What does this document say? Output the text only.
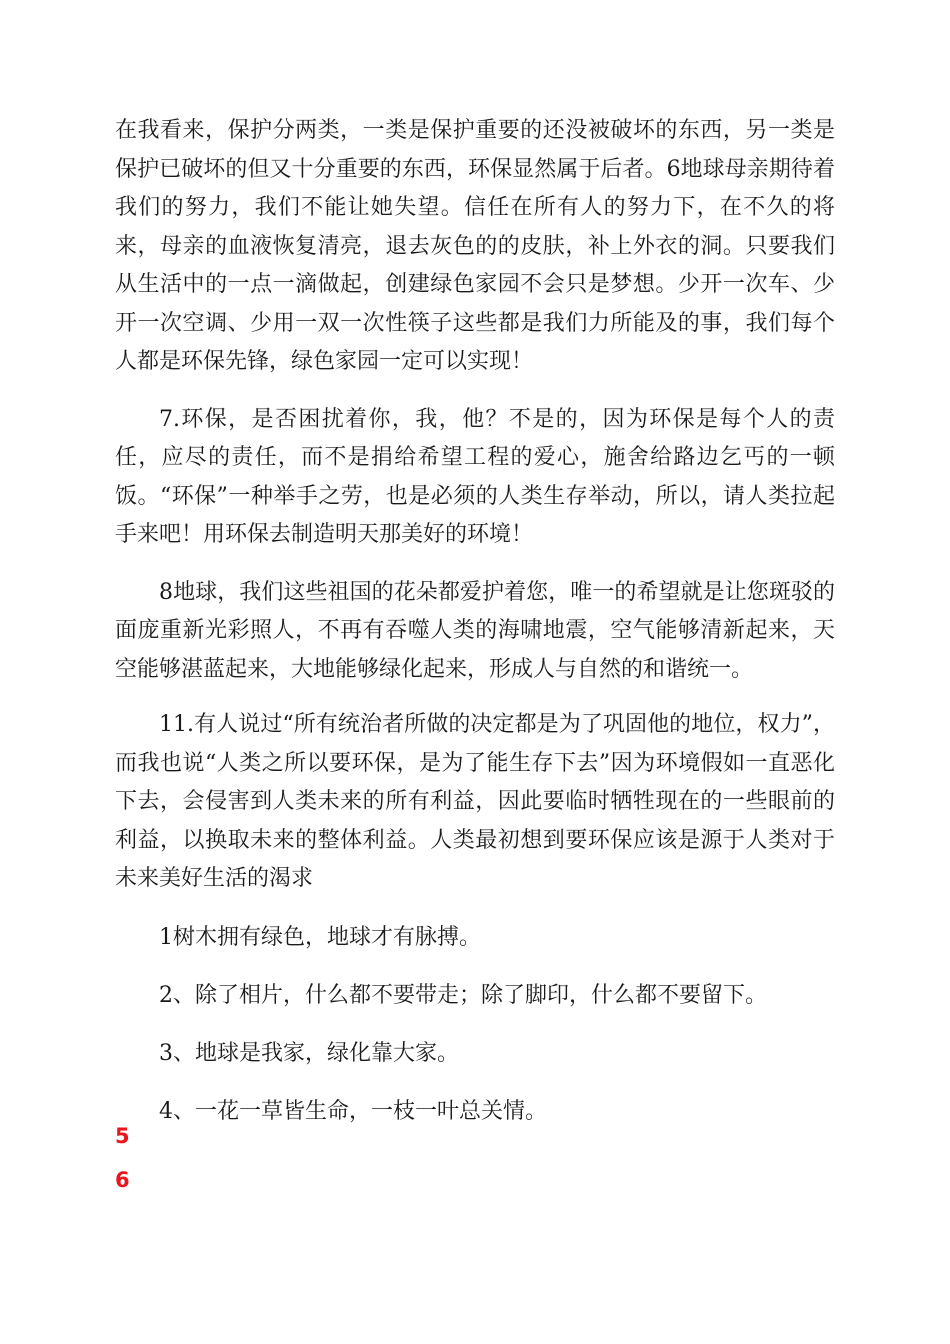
在我看来，保护分两类，一类是保护重要的还没被破坏的东西，另一类是保护已破坏的但又十分重要的东西，环保显然属于后者。6地球母亲期待着我们的努力，我们不能让她失望。信任在所有人的努力下，在不久的将来，母亲的血液恢复清亮，退去灰色的的皮肤，补上外衣的洞。只要我们从生活中的一点一滴做起，创建绿色家园不会只是梦想。少开一次车、少开一次空调、少用一双一次性筷子这些都是我们力所能及的事，我们每个人都是环保先锋，绿色家园一定可以实现！

7.环保，是否困扰着你，我，他？不是的，因为环保是每个人的责任，应尽的责任，而不是捐给希望工程的爱心，施舍给路边乞丐的一顿饭。“环保”一种举手之劳，也是必须的人类生存举动，所以，请人类拉起手来吧！用环保去制造明天那美好的环境！

8地球，我们这些祖国的花朵都爱护着您，唯一的希望就是让您斑驳的面庞重新光彩照人，不再有吞噬人类的海啸地震，空气能够清新起来，天空能够湛蓝起来，大地能够绿化起来，形成人与自然的和谐统一。

11.有人说过“所有统治者所做的决定都是为了巩固他的地位，权力”，而我也说“人类之所以要环保，是为了能生存下去”因为环境假如一直恶化下去，会侵害到人类未来的所有利益，因此要临时牺牲现在的一些眼前的利益，以换取未来的整体利益。人类最初想到要环保应该是源于人类对于未来美好生活的渴求

1树木拥有绿色，地球才有脉搏。

2、除了相片，什么都不要带走；除了脚印，什么都不要留下。

3、地球是我家，绿化靠大家。

4、一花一草皆生命，一枝一叶总关情。

5
6
